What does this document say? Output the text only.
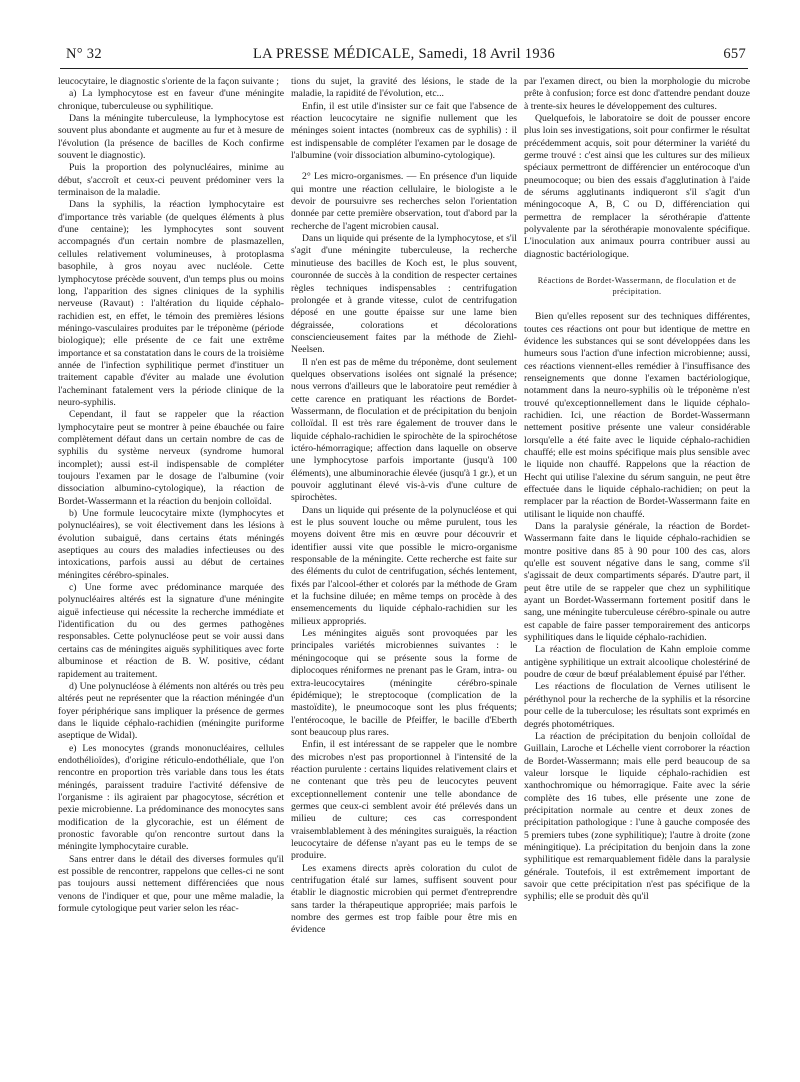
N° 32	LA PRESSE MÉDICALE, Samedi, 18 Avril 1936	657

leucocytaire, le diagnostic s'oriente de la façon suivante ;

a) La lymphocytose est en faveur d'une méningite chronique, tuberculeuse ou syphilitique.

Dans la méningite tuberculeuse, la lymphocytose est souvent plus abondante et augmente au fur et à mesure de l'évolution (la présence de bacilles de Koch confirme souvent le diagnostic).

Puis la proportion des polynucléaires, minime au début, s'accroît et ceux-ci peuvent prédominer vers la terminaison de la maladie.

Dans la syphilis, la réaction lymphocytaire est d'importance très variable (de quelques éléments à plus d'une centaine); les lymphocytes sont souvent accompagnés d'un certain nombre de plasmazellen, cellules relativement volumineuses, à protoplasma basophile, à gros noyau avec nucléole. Cette lymphocytose précède souvent, d'un temps plus ou moins long, l'apparition des signes cliniques de la syphilis nerveuse (Ravaut) : l'altération du liquide céphalo-rachidien est, en effet, le témoin des premières lésions méningo-vasculaires produites par le tréponème (période biologique); elle présente de ce fait une extrême importance et sa constatation dans le cours de la troisième année de l'infection syphilitique permet d'instituer un traitement capable d'éviter au malade une évolution l'acheminant fatalement vers la période clinique de la neuro-syphilis.

Cependant, il faut se rappeler que la réaction lymphocytaire peut se montrer à peine ébauchée ou faire complètement défaut dans un certain nombre de cas de syphilis du système nerveux (syndrome humoral incomplet); aussi est-il indispensable de compléter toujours l'examen par le dosage de l'albumine (voir dissociation albumino-cytologique), la réaction de Bordet-Wassermann et la réaction du benjoin colloïdal.

b) Une formule leucocytaire mixte (lymphocytes et polynucléaires), se voit électivement dans les lésions à évolution subaiguë, dans certains états méningés aseptiques au cours des maladies infectieuses ou des intoxications, parfois aussi au début de certaines méningites cérébro-spinales.

c) Une forme avec prédominance marquée des polynucléaires altérés est la signature d'une méningite aiguë infectieuse qui nécessite la recherche immédiate et l'identification du ou des germes pathogènes responsables. Cette polynucléose peut se voir aussi dans certains cas de méningites aiguës syphilitiques avec forte albuminose et réaction de B. W. positive, cédant rapidement au traitement.

d) Une polynucléose à éléments non altérés ou très peu altérés peut ne représenter que la réaction méningée d'un foyer périphérique sans impliquer la présence de germes dans le liquide céphalo-rachidien (méningite puriforme aseptique de Widal).

e) Les monocytes (grands mononucléaires, cellules endothélioïdes), d'origine réticulo-endothéliale, que l'on rencontre en proportion très variable dans tous les états méningés, paraissent traduire l'activité défensive de l'organisme : ils agiraient par phagocytose, sécrétion et pexie microbienne. La prédominance des monocytes sans modification de la glycorachie, est un élément de pronostic favorable qu'on rencontre surtout dans la méningite lymphocytaire curable.

Sans entrer dans le détail des diverses formules qu'il est possible de rencontrer, rappelons que celles-ci ne sont pas toujours aussi nettement différenciées que nous venons de l'indiquer et que, pour une même maladie, la formule cytologique peut varier selon les réac-

tions du sujet, la gravité des lésions, le stade de la maladie, la rapidité de l'évolution, etc...

Enfin, il est utile d'insister sur ce fait que l'absence de réaction leucocytaire ne signifie nullement que les méninges soient intactes (nombreux cas de syphilis) : il est indispensable de compléter l'examen par le dosage de l'albumine (voir dissociation albumino-cytologique).

2° Les micro-organismes. — En présence d'un liquide qui montre une réaction cellulaire, le biologiste a le devoir de poursuivre ses recherches selon l'orientation donnée par cette première observation, tout d'abord par la recherche de l'agent microbien causal.

Dans un liquide qui présente de la lymphocytose, et s'il s'agit d'une méningite tuberculeuse, la recherche minutieuse des bacilles de Koch est, le plus souvent, couronnée de succès à la condition de respecter certaines règles techniques indispensables : centrifugation prolongée et à grande vitesse, culot de centrifugation déposé en une goutte épaisse sur une lame bien dégraissée, colorations et décolorations consciencieusement faites par la méthode de Ziehl-Neelsen.

Il n'en est pas de même du tréponème, dont seulement quelques observations isolées ont signalé la présence; nous verrons d'ailleurs que le laboratoire peut remédier à cette carence en pratiquant les réactions de Bordet-Wassermann, de floculation et de précipitation du benjoin colloïdal. Il est très rare également de trouver dans le liquide céphalo-rachidien le spirochète de la spirochétose ictéro-hémorragique; affection dans laquelle on observe une lymphocytose parfois importante (jusqu'à 100 éléments), une albuminorachie élevée (jusqu'à 1 gr.), et un pouvoir agglutinant élevé vis-à-vis d'une culture de spirochètes.

Dans un liquide qui présente de la polynucléose et qui est le plus souvent louche ou même purulent, tous les moyens doivent être mis en œuvre pour découvrir et identifier aussi vite que possible le micro-organisme responsable de la méningite. Cette recherche est faite sur des éléments du culot de centrifugation, séchés lentement, fixés par l'alcool-éther et colorés par la méthode de Gram et la fuchsine diluée; en même temps on procède à des ensemencements du liquide céphalo-rachidien sur les milieux appropriés.

Les méningites aiguës sont provoquées par les principales variétés microbiennes suivantes : le méningocoque qui se présente sous la forme de diplocoques réniformes ne prenant pas le Gram, intra- ou extra-leucocytaires (méningite cérébro-spinale épidémique); le streptocoque (complication de la mastoïdite), le pneumocoque sont les plus fréquents; l'entérocoque, le bacille de Pfeiffer, le bacille d'Eberth sont beaucoup plus rares.

Enfin, il est intéressant de se rappeler que le nombre des microbes n'est pas proportionnel à l'intensité de la réaction purulente : certains liquides relativement clairs et ne contenant que très peu de leucocytes peuvent exceptionnellement contenir une telle abondance de germes que ceux-ci semblent avoir été prélevés dans un milieu de culture; ces cas correspondent vraisemblablement à des méningites suraiguës, la réaction leucocytaire de défense n'ayant pas eu le temps de se produire.

Les examens directs après coloration du culot de centrifugation étalé sur lames, suffisent souvent pour établir le diagnostic microbien qui permet d'entreprendre sans tarder la thérapeutique appropriée; mais parfois le nombre des germes est trop faible pour être mis en évidence

par l'examen direct, ou bien la morphologie du microbe prête à confusion; force est donc d'attendre pendant douze à trente-six heures le développement des cultures.

Quelquefois, le laboratoire se doit de pousser encore plus loin ses investigations, soit pour confirmer le résultat précédemment acquis, soit pour déterminer la variété du germe trouvé : c'est ainsi que les cultures sur des milieux spéciaux permettront de différencier un entérocoque d'un pneumocoque; ou bien des essais d'agglutination à l'aide de sérums agglutinants indiqueront s'il s'agit d'un méningocoque A, B, C ou D, différenciation qui permettra de remplacer la sérothérapie d'attente polyvalente par la sérothérapie monovalente spécifique. L'inoculation aux animaux pourra contribuer aussi au diagnostic bactériologique.

Réactions de Bordet-Wassermann, de floculation et de précipitation.

Bien qu'elles reposent sur des techniques différentes, toutes ces réactions ont pour but identique de mettre en évidence les substances qui se sont développées dans les humeurs sous l'action d'une infection microbienne; aussi, ces réactions viennent-elles remédier à l'insuffisance des renseignements que donne l'examen bactériologique, notamment dans la neuro-syphilis où le tréponème n'est trouvé qu'exceptionnellement dans le liquide céphalo-rachidien. Ici, une réaction de Bordet-Wassermann nettement positive présente une valeur considérable lorsqu'elle a été faite avec le liquide céphalo-rachidien chauffé; elle est moins spécifique mais plus sensible avec le liquide non chauffé. Rappelons que la réaction de Hecht qui utilise l'alexine du sérum sanguin, ne peut être effectuée dans le liquide céphalo-rachidien; on peut la remplacer par la réaction de Bordet-Wassermann faite en utilisant le liquide non chauffé.

Dans la paralysie générale, la réaction de Bordet-Wassermann faite dans le liquide céphalo-rachidien se montre positive dans 85 à 90 pour 100 des cas, alors qu'elle est souvent négative dans le sang, comme s'il s'agissait de deux compartiments séparés. D'autre part, il peut être utile de se rappeler que chez un syphilitique ayant un Bordet-Wassermann fortement positif dans le sang, une méningite tuberculeuse cérébro-spinale ou autre est capable de faire passer temporairement des anticorps syphilitiques dans le liquide céphalo-rachidien.

La réaction de floculation de Kahn emploie comme antigène syphilitique un extrait alcoolique cholestériné de poudre de cœur de bœuf préalablement épuisé par l'éther.

Les réactions de floculation de Vernes utilisent le péréthynol pour la recherche de la syphilis et la résorcine pour celle de la tuberculose; les résultats sont exprimés en degrés photométriques.

La réaction de précipitation du benjoin colloïdal de Guillain, Laroche et Léchelle vient corroborer la réaction de Bordet-Wassermann; mais elle perd beaucoup de sa valeur lorsque le liquide céphalo-rachidien est xanthochromique ou hémorragique. Faite avec la série complète des 16 tubes, elle présente une zone de précipitation normale au centre et deux zones de précipitation pathologique : l'une à gauche composée des 5 premiers tubes (zone syphilitique); l'autre à droite (zone méningitique). La précipitation du benjoin dans la zone syphilitique est remarquablement fidèle dans la paralysie générale. Toutefois, il est extrêmement important de savoir que cette précipitation n'est pas spécifique de la syphilis; elle se produit dès qu'il
